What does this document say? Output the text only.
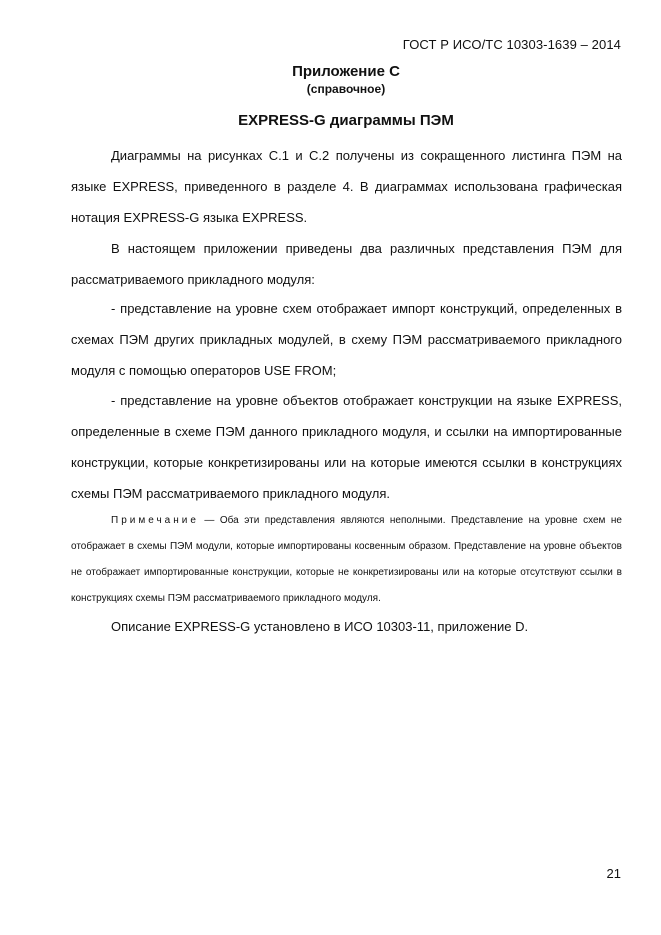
ГОСТ Р ИСО/ТС 10303-1639 – 2014
Приложение С
(справочное)
EXPRESS-G диаграммы ПЭМ

Диаграммы на рисунках С.1 и С.2 получены из сокращенного листинга ПЭМ на языке EXPRESS, приведенного в разделе 4. В диаграммах использована графическая нотация EXPRESS-G языка EXPRESS.

В настоящем приложении приведены два различных представления ПЭМ для рассматриваемого прикладного модуля:

- представление на уровне схем отображает импорт конструкций, определенных в схемах ПЭМ других прикладных модулей, в схему ПЭМ рассматриваемого прикладного модуля с помощью операторов USE FROM;

- представление на уровне объектов отображает конструкции на языке EXPRESS, определенные в схеме ПЭМ данного прикладного модуля, и ссылки на импортированные конструкции, которые конкретизированы или на которые имеются ссылки в конструкциях схемы ПЭМ рассматриваемого прикладного модуля.

Примечание — Оба эти представления являются неполными. Представление на уровне схем не отображает в схемы ПЭМ модули, которые импортированы косвенным образом. Представление на уровне объектов не отображает импортированные конструкции, которые не конкретизированы или на которые отсутствуют ссылки в конструкциях схемы ПЭМ рассматриваемого прикладного модуля.
Описание EXPRESS-G установлено в ИСО 10303-11, приложение D.
21
